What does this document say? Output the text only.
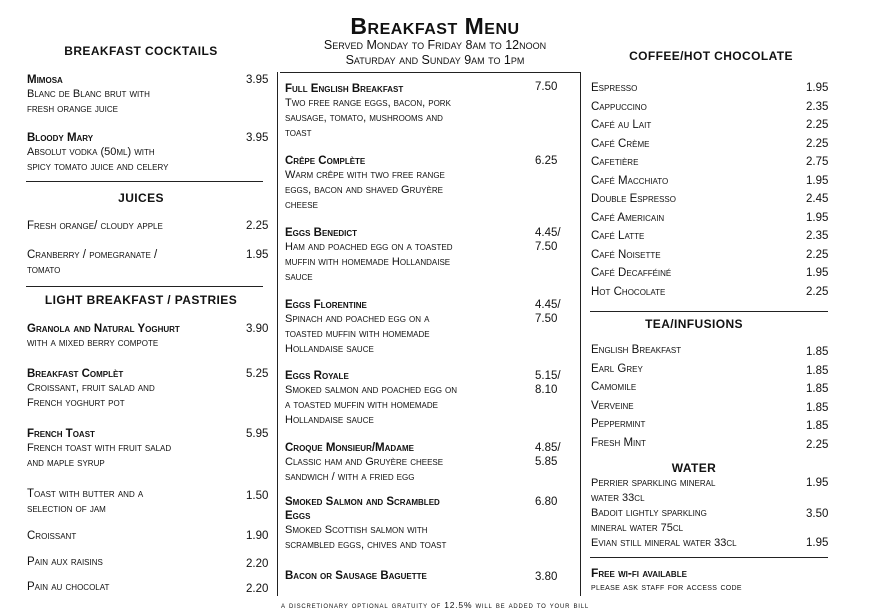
Breakfast Menu
Served Monday to Friday 8am to 12noon
Saturday and Sunday 9am to 1pm
BREAKFAST COCKTAILS
Mimosa	3.95
Blanc de Blanc brut with
fresh orange juice
Bloody Mary	3.95
Absolut vodka (50ml) with
spicy tomato juice and celery
JUICES
Fresh orange/ cloudy apple	2.25
Cranberry / pomegranate /
tomato
1.95
LIGHT BREAKFAST / PASTRIES
Granola and Natural Yoghurt	3.90
with a mixed berry compote
Breakfast Complèt	5.25
Croissant, fruit salad and
French yoghurt pot
French Toast	5.95
French toast with fruit salad
and maple syrup
Toast with butter and a
selection of jam
1.50
Croissant	1.90
Pain aux raisins	2.20
Pain au chocolat	2.20
Full English Breakfast	7.50
Two free range eggs, bacon, pork
sausage, tomato, mushrooms and
toast
Crêpe Complète	6.25
Warm crêpe with two free range
eggs, bacon and shaved Gruyère
cheese
Eggs Benedict	4.45/
7.50
Ham and poached egg on a toasted
muffin with homemade Hollandaise
sauce
Eggs Florentine	4.45/
7.50
Spinach and poached egg on a
toasted muffin with homemade
Hollandaise sauce
Eggs Royale	5.15/
8.10
Smoked salmon and poached egg on
a toasted muffin with homemade
Hollandaise sauce
Croque Monsieur/Madame	4.85/
5.85
Classic ham and Gruyère cheese
sandwich / with a fried egg
Smoked Salmon and Scrambled
Eggs
6.80
Smoked Scottish salmon with
scrambled eggs, chives and toast
Bacon or Sausage Baguette	3.80
COFFEE/HOT CHOCOLATE
Espresso	1.95
Cappuccino	2.35
Café au Lait	2.25
Café Crème	2.25
Cafetière	2.75
Café Macchiato	1.95
Double Espresso	2.45
Café Americain	1.95
Café Latte	2.35
Café Noisette	2.25
Café Decafféiné	1.95
Hot Chocolate	2.25
TEA/INFUSIONS
English Breakfast	1.85
Earl Grey	1.85
Camomile	1.85
Verveine	1.85
Peppermint	1.85
Fresh Mint	2.25
WATER
Perrier sparkling mineral
water 33cl
1.95
Badoit lightly sparkling
mineral water 75cl
3.50
Evian still mineral water 33cl	1.95
Free wi-fi available
please ask staff for access code
a discretionary optional gratuity of 12.5% will be added to your bill
